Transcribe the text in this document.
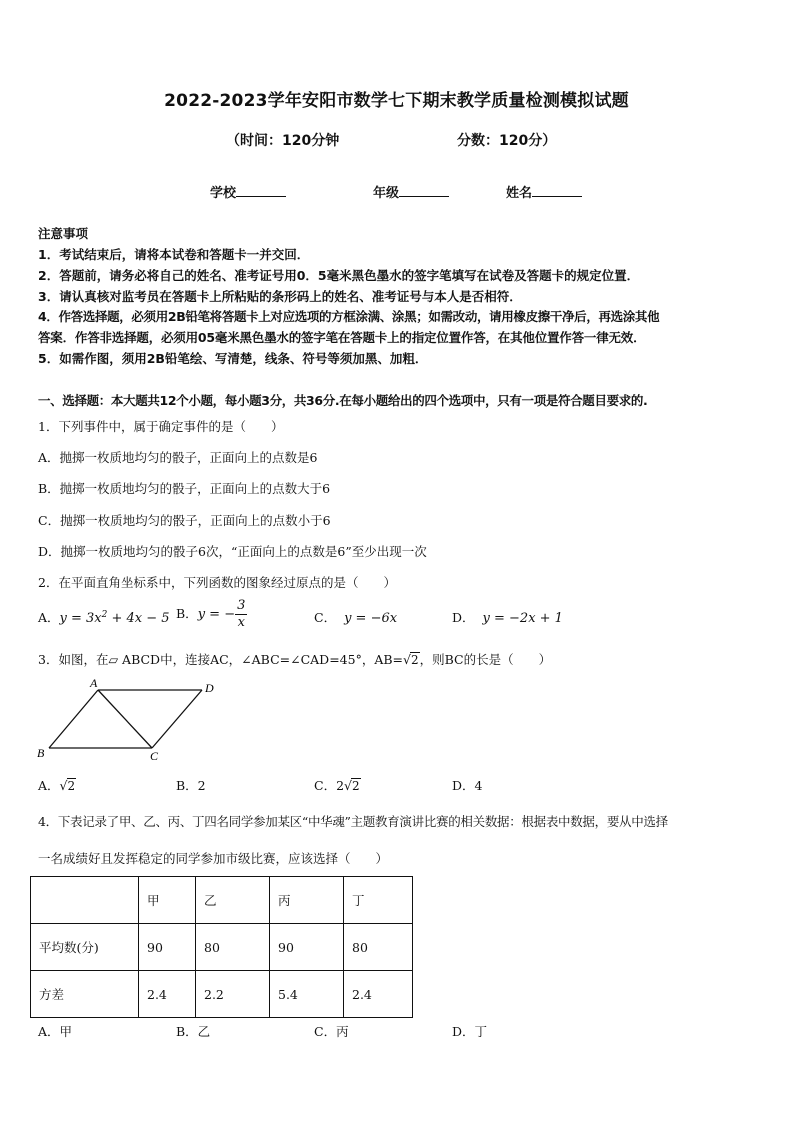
2022-2023学年安阳市数学七下期末教学质量检测模拟试题
（时间：120分钟	分数：120分）
学校	年级	姓名
注意事项
1．考试结束后，请将本试卷和答题卡一并交回．
2．答题前，请务必将自己的姓名、准考证号用0．5毫米黑色墨水的签字笔填写在试卷及答题卡的规定位置．
3．请认真核对监考员在答题卡上所粘贴的条形码上的姓名、准考证号与本人是否相符．
4．作答选择题，必须用2B铅笔将答题卡上对应选项的方框涂满、涂黑；如需改动，请用橡皮擦干净后，再选涂其他
答案．作答非选择题，必须用05毫米黑色墨水的签字笔在答题卡上的指定位置作答，在其他位置作答一律无效．
5．如需作图，须用2B铅笔绘、写清楚，线条、符号等须加黑、加粗．
一、选择题：本大题共12个小题，每小题3分，共36分.在每小题给出的四个选项中，只有一项是符合题目要求的.
1．下列事件中，属于确定事件的是（　　）
A．抛掷一枚质地均匀的骰子，正面向上的点数是6
B．抛掷一枚质地均匀的骰子，正面向上的点数大于6
C．抛掷一枚质地均匀的骰子，正面向上的点数小于6
D．抛掷一枚质地均匀的骰子6次，“正面向上的点数是6”至少出现一次
2．在平面直角坐标系中，下列函数的图象经过原点的是（　　）
A．$y = 3x^2 + 4x - 5$ B．y = − $\frac{3}{x}$	C． y = −6x	D． y = −2x + 1
3．如图，在▱ ABCD中，连接AC，∠ABC=∠CAD=45°，AB=√2，则BC的长是（　　）
A	D
B	C
A．√2	B．2	C．2√2	D．4
4．下表记录了甲、乙、丙、丁四名同学参加某区“中华魂”主题教育演讲比赛的相关数据：根据表中数据，要从中选择
一名成绩好且发挥稳定的同学参加市级比赛，应该选择（　　）
	甲	乙	丙	丁
平均数(分)	90	80	90	80
方差	2.4	2.2	5.4	2.4
A．甲	B．乙	C．丙	D．丁
